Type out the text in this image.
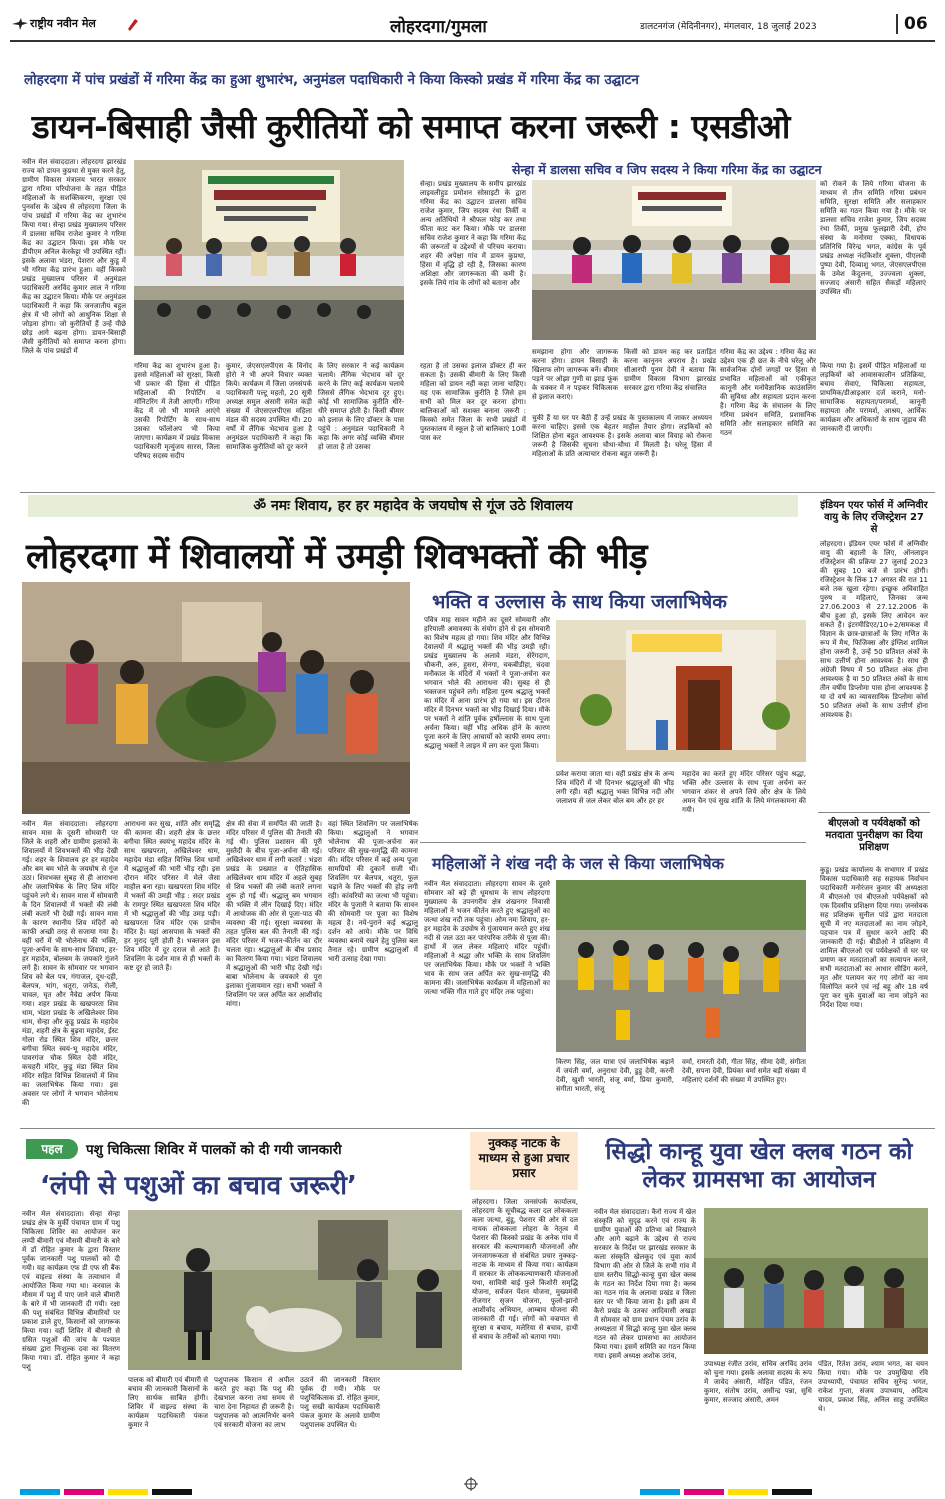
राष्ट्रीय नवीन मेल	लोहरदगा/गुमला	डालटनगंज (मेदिनीनगर), मंगलवार, 18 जुलाई 2023	06
लोहरदगा में पांच प्रखंडों में गरिमा केंद्र का हुआ शुभारंभ, अनुमंडल पदाधिकारी ने किया किस्को प्रखंड में गरिमा केंद्र का उद्घाटन
डायन-बिसाही जैसी कुरीतियों को समाप्त करना जरूरी : एसडीओ
नवीन मेल संवाददाता। लोहरदगा झारखंड राज्य को डायन कुप्रथा से मुक्त करने हेतु, ग्रामीण विकास मंत्रालय भारत सरकार द्वारा गरिमा परियोजना के तहत पीड़ित महिलाओं के सशक्तिकरण, सुरक्षा एवं पुनर्वास के उद्देश्य से लोहरदगा जिला के पांच प्रखंडों में गरिमा केंद्र का शुभारंभ किया गया। सेन्हा प्रखंड मुख्यालय परिसर में डालसा सचिव राजेश कुमार ने गरिमा केंद्र का उद्घाटन किया। इस मौके पर डीपीएम अनिल केरकेट्टा भी उपस्थित रहीं। इसके अलावा भंडरा, पेशरार और कुडू में भी गरिमा केंद्र प्रारंभ हुआ। वहीं किस्को प्रखंड मुख्यालय परिसर में अनुमंडल पदाधिकारी अरविंद कुमार लाल ने गरिमा केंद्र का उद्घाटन किया। मौके पर अनुमंडल पदाधिकारी ने कहा कि जनजातीय बहुल क्षेत्र में भी लोगों को आधुनिक शिक्षा से जोड़ना होगा। जो कुरीतियों हैं उन्हें पीछे छोड़ आगे बढ़ना होगा। डायन-बिसाही जैसी कुरीतियों को समाप्त करना होगा। जिले के पांच प्रखंडों में
सेन्हा में डालसा सचिव व जिप सदस्य ने किया गरिमा केंद्र का उद्घाटन
सेन्हा। प्रखंड मुख्यालय के समीप झारखंड लाइवलीहुड प्रमोशन सोसाइटी के द्वारा गरिमा केंद्र का उद्घाटन डालसा सचिव राजेश कुमार, जिप सदस्य रंथा तिर्की व अन्य अतिथियों ने श्रीफल फोड़ कर तथा फीता काट कर किया। मौके पर डालसा सचिव राजेश कुमार ने कहा कि गरिमा केंद्र की जरूरतों व उद्देश्यों से परिचय कराया। शहर की अपेक्षा गांव में डायन कुप्रथा, हिंसा में वृद्धि हो रही है, जिसका कारण अशिक्षा और जागरूकता की कमी है। इसके लिये गांव के लोगों को बताना और
को रोकने के लिये गरिमा योजना के माध्यम से तीन समिति गरिमा प्रबंधन समिति, सुरक्षा समिति और सलाहकार समिति का गठन किया गया है। मौके पर डालसा सचिव राजेश कुमार, जिप सदस्य रंथा तिर्की, प्रमुख फूलझारी देवी, होप संस्था के मनोरमा एक्का, विधायक प्रतिनिधि विरेन्द्र भगत, कांग्रेस के पूर्व प्रखंड अध्यक्ष नंदकिशोर शुक्ला, पीएलवी पुष्पा देवी, दिव्याशु भगत, जेएसएलपीएस के उमेश केंदुलना, उज्ज्वला शुक्ला, सज्जाद अंसारी सहित सैकड़ों महिलाएं उपस्थित थीं।
गरिमा केंद्र का शुभारंभ हुआ है। इससे महिलाओं को सुरक्षा, किसी भी प्रकार की हिंसा से पीड़ित महिलाओं की रिपोर्टिंग व मॉनिटरिंग में तेजी आएगी। गरिमा केंद्र में जो भी मामले आएंगे उसकी रिपोर्टिंग के साथ-साथ उसका फॉलोअप भी किया जाएगा। कार्यक्रम में प्रखंड विकास पदाधिकारी मृत्युंजय सारस, जिला परिषद सदस्य सदीप
कुमार, जेएसएलपीएस के विनोद होरो ने भी अपने विचार व्यक्त किये। कार्यक्रम में जिला जनसंपर्क पदाधिकारी पल्टू महतो, 20 सूत्री अध्यक्ष समुल अंसारी समेत कड़ी संख्या में जेएसएलपीएस महिला मंडल की सदस्य उपस्थित थी। 20 वर्षों में लैंगिक भेदभाव हुआ है अनुमंडल पदाधिकारी ने कहा कि सामाजिक कुरीतियों को दूर करने
के लिए सरकार ने कई कार्यक्रम चलाये। लैंगिक भेदभाव को दूर करने के लिए कई कार्यक्रम चलाये जिससे लैंगिक भेदभाव दूर हुए। कोई भी सामाजिक कुरीति धीरे-धीरे समाप्त होती है। किसी बीमार को इलाज के लिए डॉक्टर के पास पहुंचें : अनुमंडल पदाधिकारी ने कहा कि अगर कोई व्यक्ति बीमार हो जाता है तो उसका
रहता है तो उसका इलाज डॉक्टर ही कर सकता है। उसकी बीमारी के लिए किसी महिला को डायन नहीं कहा जाना चाहिए। यह एक सामाजिक कुरीति है जिसे हम सभी को मिल कर दूर करना होगा। बालिकाओं को सशक्त बनाना जरूरी : किस्को समेत जिला के सभी प्रखंडों में पुस्तकालय में स्कूल है जो बालिकाएं 10वीं पास कर
समझाना होगा और जागरूक करना होगा। डायन बिसाही के खिलाफ लोग जागरूक बनें। बीमार पड़ने पर ओझा गुणी या झाड़ फूंक के चक्कर में न पड़कर चिकित्सक से इलाज कराएं।
किसी को डायन कह कर प्रताड़ित करना कानूनन अपराध है। प्रखंड सीआरपी पूनम देवी ने बताया कि ग्रामीण विकास विभाग झारखंड सरकार द्वारा गरिमा केंद्र संचालित
गरिमा केंद्र का उद्देश्य : गरिमा केंद्र का उद्देश्य एक ही छत के नीचे घरेलू और सार्वजनिक दोनों जगहों पर हिंसा से प्रभावित महिलाओं को एकीकृत कानूनी और मनोवैज्ञानिक काउंसलिंग की सुविधा और सहायता प्रदान करना है। गरिमा केंद्र के संचालन के लिए गरिमा प्रबंधन समिति, प्रशासनिक समिति और सलाहकार समिति का गठन
किया गया है। इसमें पीड़ित महिलाओं या लड़कियों को आवासकालीन प्रतिक्रिया, बचाव सेवाएं, चिकित्सा सहायता, प्राथमिक/डीआइआर दर्ज कराने, मनो-सामाजिक सहायता/परामर्श, कानूनी सहायता और परामर्श, आश्रय, आर्थिक कार्यक्रम और अधिकारों के साथ जुड़ाव की जानकारी दी जाएगी।
चुकी हैं या घर पर बैठी हैं उन्हें प्रखंड के पुस्तकालय में जाकर अध्ययन करना चाहिए। इससे एक बेहतर माहौल तैयार होगा। लड़कियों को शिक्षित होना बहुत आवश्यक है। इसके अलावा बाल विवाह को रोकना जरूरी है जिसकी सूचना चौथा-चौथा में मिलती है। घरेलू हिंसा में महिलाओं के प्रति अत्याचार रोकना बहुत जरूरी है।
ॐ नमः शिवाय, हर हर महादेव के जयघोष से गूंज उठे शिवालय
लोहरदगा में शिवालयों में उमड़ी शिवभक्तों की भीड़
नवीन मेल संवाददाता। लोहरदगा सावन मास के दूसरी सोमवारी पर जिले के शहरी और ग्रामीण इलाकों के शिवालयों में शिवभक्तों की भीड़ देखी गई। शहर के शिवालय हर हर महादेव और बम बम भोले के जयघोष से गूंज उठा। शिवभक्त सुबह से ही आराधना और जलाभिषेक के लिए शिव मंदिर पहुंचने लगे थे। सावन मास में सोमवारी के दिन शिवालयों में भक्तों की लंबी लंबी कतारें भी देखी गईं। सावन मास के कारण स्थानीय शिव मंदिरों को काफी अच्छी तरह से सजाया गया है। वहीं घरों में भी भोलेनाथ की भक्ति, पूजा-अर्चना के साथ-साथ शिवाय, हर-हर महादेव, बोलबम के जयकारे गूंजने लगे हैं। सावन के सोमवार पर भगवान शिव को बेल पत्र, गंगाजल, दूध-दही, बेलपत्र, भांग, धतूरा, जनेऊ, रोली, चावल, घृत और नैवेद्य अर्पण किया गया। शहर प्रखंड के खखपरता शिव धाम, भंडरा प्रखंड के अखिलेश्वर शिव धाम, सेन्हा और कुडू प्रखंड के महादेव मंडा, शहरी क्षेत्र के बुढ़वा महादेव, ईस्ट गोला रोड स्थित शिव मंदिर, छत्तर बगीचा स्थित स्वयं-भू महादेव मंदिर, पावरगंज चौक स्थित देवी मंदिर, कचहरी मंदिर, कुडू मंडा स्थित शिव मंदिर सहित विभिन्न शिवालयों में शिव का जलाभिषेक किया गया। इस अवसर पर लोगों ने भगवान भोलेनाथ की
आराधना कर सुख, शांति और समृद्धि की कामना की। शहरी क्षेत्र के छत्तर बगीचा स्थित स्वयंभू महादेव मंदिर के साथ खखपरता, अखिलेश्वर धाम, महादेव मंडा सहित विभिन्न शिव धामों में श्रद्धालुओं की भारी भीड़ रही। इस दौरान मंदिर परिसर में मेले जैसा माहौल बना रहा। खखपरता शिव मंदिर में भक्तों की उमड़ी भीड़ : सदर प्रखंड के रामपुर स्थित खखपरता शिव मंदिर में भी श्रद्धालुओं की भीड़ उमड़ पड़ी। खखपरता शिव मंदिर एक प्राचीन मंदिर है। यहां आसपास के भक्तों की हर मुराद पूरी होती है। भक्तजन इस शिव मंदिर में दूर दराज से आते हैं। शिवलिंग के दर्शन मात्र से ही भक्तों के कष्ट दूर हो जाते हैं।
क्षेत्र की सेवा में समर्पित की जाती है। मंदिर परिसर में पुलिस की तैनाती की गई थी। पुलिस प्रशासन की पूरी मुस्तैदी के बीच पूजा-अर्चना की गई। अखिलेश्वर धाम में लगी कतारें : भंडरा प्रखंड के प्रख्यात व ऐतिहासिक अखिलेश्वर धाम मंदिर में अहले सुबह से शिव भक्तों की लंबी कतारें लगना शुरू हो गई थीं। श्रद्धालु बम भगवान की भक्ति में लीन दिखाई दिए। मंदिर में आयोजक की ओर से पूजा-पाठ की व्यवस्था की गई। सुरक्षा व्यवस्था के तहत पुलिस बल की तैनाती की गई। मंदिर परिसर में भजन-कीर्तन का दौर चलता रहा। श्रद्धालुओं के बीच प्रसाद का वितरण किया गया। भंडरा शिवालय में श्रद्धालुओं की भारी भीड़ देखी गई। बाबा भोलेनाथ के जयकारे से पूरा इलाका गुंजायमान रहा। सभी भक्तों ने शिवलिंग पर जल अर्पित कर आशीर्वाद मांगा।
वहां स्थित शिवलिंग पर जलाभिषेक किया। श्रद्धालुओं ने भगवान भोलेनाथ की पूजा-अर्चना कर परिवार की सुख-समृद्धि की कामना की। मंदिर परिसर में कई अन्य पूजा सामग्रियों की दुकानें सजी थीं। शिवलिंग पर बेलपत्र, धतूरा, फूल चढ़ाने के लिए भक्तों की होड़ लगी रही। कांवरियों का जत्था भी पहुंचा। मंदिर के पुजारी ने बताया कि सावन की सोमवारी पर पूजा का विशेष महत्व है। नये-पुराने कई श्रद्धालु दर्शन को आये। मौके पर विधि व्यवस्था बनाये रखने हेतु पुलिस बल तैनात रहे। ग्रामीण श्रद्धालुओं में भारी उत्साह देखा गया।
भक्ति व उल्लास के साथ किया जलाभिषेक
पवित्र माह सावन महीने का दूसरे सोमवारी और हरियाली अमावस्या के संयोग होने से इस सोमवारी का विशेष महत्व हो गया। शिव मंदिर और विभिन्न देवालयों में श्रद्धालु भक्तों की भीड़ उमड़ी रही। प्रखंड मुख्यालय के अलावे मंडरा, सेरेंगदाग, चौकनी, अरु, हुसरा, सेनगा, चकबीडीहा, चंदवा मनौकाल के मंदिरों में भक्तों ने पूजा-अर्चना कर भगवान भोले की आराधना की। सुबह से ही भक्तजन पहुंचने लगे। महिला पुरुष श्रद्धालु भक्तों का मंदिर में आना प्रारंभ हो गया था। इस दौरान मंदिर में दिनभर भक्तों का भीड़ दिखाई दिया। मौके पर भक्तों ने शांति पूर्वक हर्षोल्लास के साथ पूजा अर्चना किया। वहीं भीड़ अधिक होने के कारण पूजा करने के लिए आचार्यों को काफी समय लगा। श्रद्धालु भक्तों ने लाइन में लग कर पूजा किया।
प्रवेश कराया जाता था। वहीं प्रखंड क्षेत्र के अन्य शिव मंदिरों में भी दिनभर श्रद्धालुओं की भीड़ लगी रही। वहीं श्रद्धालु भक्त विभिन्न नदी और जलाशय से जल लेकर बोल बम और हर हर
महादेव का करते हुए मंदिर परिसर पहुंच श्रद्धा, भक्ति और उल्लास के साथ पूजा अर्चना कर भगवान शंकर से अपने लिये और क्षेत्र के लिये अमन चैन एवं सुख शांति के लिये मंगलकामना की गयी।
महिलाओं ने शंख नदी के जल से किया जलाभिषेक
नवीन मेल संवाददाता। लोहरदगा सावन के दूसरे सोमवार को बड़े ही धूमधाम के साथ लोहरदगा मुख्यालय के उपनगरीय क्षेत्र शंखनगर निवासी महिलाओं ने भजन कीर्तन करते हुए श्रद्धालुओं का जत्था शंख नदी तक पहुंचा। ओम नमः शिवाय, हर-हर महादेव के उदघोष से गुंजायमान करते हुए शंख नदी से जल उठा कर पारंपरिक तरीके से पूजा की। हाथों में जल लेकर महिलाएं मंदिर पहुंचीं। महिलाओं ने श्रद्धा और भक्ति के साथ शिवलिंग पर जलाभिषेक किया। मौके पर भक्तों ने भक्ति भाव के साथ जल अर्पित कर सुख-समृद्धि की कामना की। जलाभिषेक कार्यक्रम में महिलाओं का जत्था भक्ति गीत गाते हुए मंदिर तक पहुंचा।
किरण सिंह, जल यात्रा एवं जलाभिषेक बढ़ाने में जयंती वर्मा, अनुराधा देवी, डुडु देवी, करनी देवी, खुशी भारती, संजू वर्मा, प्रिया कुमारी, संगीता भारती, संजू
वर्मा, रामरती देवी, गीता सिंह, सीमा देवी, संगीता देवी, सपना देवी, प्रियंका वर्मा समेत बड़ी संख्या में महिलाएं दर्शनों की संख्या में उपस्थित हुए।
इंडियन एयर फोर्स में अग्निवीर वायु के लिए रजिस्ट्रेशन 27 से
लोहरदगा। इंडियन एयर फोर्स में अग्निवीर वायु की बहाली के लिए, ऑनलाइन रजिस्ट्रेशन की प्रक्रिया 27 जुलाई 2023 की सुबह 10 बजे से प्रारंभ होगी। रजिस्ट्रेशन के लिंक 17 अगस्त की रात 11 बजे तक खुला रहेगा। इच्छुक अविवाहित पुरुष व महिलाएं, जिनका जन्म 27.06.2003 से 27.12.2006 के बीच हुआ हो, इसके लिए आवेदन कर सकते हैं। इंटरमीडिएट/10+2/समकक्ष में विज्ञान के छात्र-छात्राओं के लिए गणित के रूप में मैथ, फिजिक्स और इंग्लिश शामिल होना जरूरी है, उन्हें 50 प्रतिशत अंकों के साथ उत्तीर्ण होना आवश्यक है। साथ ही अंग्रेजी विषय में 50 प्रतिशत अंक होना आवश्यक है या 50 प्रतिशत अंकों के साथ तीन वर्षीय डिप्लोमा पास होना आवश्यक है या दो वर्ष का व्यावसायिक डिप्लोमा कोर्स 50 प्रतिशत अंकों के साथ उत्तीर्ण होना आवश्यक है।
बीएलओ व पर्यवेक्षकों को मतदाता पुनरीक्षण का दिया प्रशिक्षण
कुडू। प्रखंड कार्यालय के सभागार में प्रखंड विकास पदाधिकारी सह सहायक निर्वाचन पदाधिकारी मनोरंजन कुमार की अध्यक्षता में बीएलओ एवं बीएलओ पर्यवेक्षकों को एक दिवसीय प्रशिक्षण दिया गया। जनसेवक सह प्रशिक्षक सुनील पांडे द्वारा मतदाता सूची में नए मतदाताओं का नाम जोड़ने, पहचान पत्र में सुधार करने आदि की जानकारी दी गई। बीडीओ ने प्रशिक्षण में शामिल बीएलओ एवं पर्यवेक्षकों से घर घर प्रमाण कर मतदाताओं का सत्यापन करने, सभी मतदाताओं का आधार सीडिंग करने, मृत और पलायन कर गए लोगों का नाम विलोपित करने एवं नई बहू और 18 वर्ष पूरा कर चुके युवाओं का नाम जोड़ने का निर्देश दिया गया।
पहल	पशु चिकित्सा शिविर में पालकों को दी गयी जानकारी
‘लंपी से पशुओं का बचाव जरूरी’
नवीन मेल संवाददाता। सेन्हा सेन्हा प्रखंड क्षेत्र के मुर्की पंचायत ग्राम में पशु चिकित्सा शिविर का आयोजन कर लम्पी बीमारी एवं मौसमी बीमारी के बारे में डॉ रोहित कुमार के द्वारा विस्तार पूर्वक जानकारी पशु पालकों को दी गयी। यह कार्यक्रम एफ डी एफ सी बैंक एवं वाइल्ड संस्था के तत्वाधान में आयोजित किया गया था। करवाल के मौसम में पशु में पाए जाने वाले बीमारी के बारे में भी जानकारी दी गयी। रक्षा की पशु संबंधित विभिन्न बीमारियों पर प्रकाश डाले हुए, किसानों को जागरूक किया गया। वहीं शिविर में बीमारी से ग्रसित पशुओं की जांच के पश्चात संख्या द्वारा निःशुल्क दवा का वितरण किया गया। डॉ. रोहित कुमार ने कहा पशु
पालक को बीमारी एवं बीमारी से बचाव की जानकारी किसानों के लिए सार्थक साबित होगी। शिविर में वाइल्ड संस्था के कार्यक्रम पदाधिकारी पंकज कुमार ने
पशुपालक किसान से अपील करते हुए कहा कि पशु की देखभाल करना तथा समय से चारा देना निहायत ही जरूरी है। पशुपालक को आत्मनिर्भर बनने एवं सरकारी योजना का लाभ
उठाने की जानकारी विस्तार पूर्वक दी गयी। मौके पर पशुचिकित्सक डॉ. रोहित कुमार, पशु सखी कार्यक्रम पदाधिकारी पंकज कुमार के अलावे ग्रामीण पशुपालक उपस्थित थे।
नुक्कड़ नाटक के माध्यम से हुआ प्रचार प्रसार
लोहरदगा। जिला जनसंपर्क कार्यालय, लोहरदगा के सूचीबद्ध कला दल लोककला कला जत्था, बुंडू, पेशरार की ओर से दल नायक लोककला लोहरा के नेतृत्व में पेशरार की किस्को प्रखंड के अनेक गांव में सरकार की कल्याणकारी योजनाओं और जनजागरूकता से संबंधित प्रचार नुक्कड़-नाटक के माध्यम से किया गया। कार्यक्रम में सरकार के लोककल्याणकारी योजनाओं यथा, सावित्री बाई फुले किशोरी समृद्धि योजना, सर्वजन पेंशन योजना, मुख्यमंत्री रोजगार सृजन योजना, फूलो-झानो आशीर्वाद अभियान, आम्बाव योजना की जानकारी दी गई। लोगों को वज्रपात से सुरक्षा व बचाव, मलेरिया से बचाव, हाथी से बचाव के तरीकों को बताया गया।
सिद्धो कान्हू युवा खेल क्लब गठन को लेकर ग्रामसभा का आयोजन
नवीन मेल संवाददाता। कैरो राज्य में खेल संस्कृति को सुदृढ़ करने एवं राज्य के ग्रामीण युवाओं की प्रतिभा को निखारने और आगे बढ़ाने के उद्देश्य से राज्य सरकार के निर्देश पर झारखंड सरकार के कला संस्कृति खेलकूद एवं युवा कार्य विभाग की ओर से जिले के सभी गांव में ग्राम स्तरीय सिद्धो-कान्हू युवा खेल क्लब के गठन का निर्देश दिया गया है। क्लब का गठन गांव के अलावा प्रखंड व जिला स्तर पर भी किया जाना है। इसी क्रम में कैरो प्रखंड के उतका आदिवासी अखड़ा में सोमवार को ग्राम प्रधान पंचम उरांव के अध्यक्षता में सिद्धो कान्हू युवा खेल क्लब गठन को लेकर ग्रामसभा का आयोजन किया गया। इसमें समिति का गठन किया गया। इसमें अध्यक्ष अशोक उरांव,
उपाध्यक्ष रंजीत उरांव, सचिव अरविंद उरांव को चुना गया। इसके अलावा सदस्य के रूप में जावेद अंसारी, मोहित पंडित, रंजन कुमार, संतोष उरांव, असीन्द्र पन्ना, सुधि कुमार, सज्जाद अंसारी, अमन
पंडित, रितेश उरांव, श्याम भगत, का चयन किया गया। मौके पर उपमुखिया रवि उपाध्यायी, पंचायत सचिव सुरेन्द्र भगत, राकेश गुप्ता, संजय उपाध्याय, अदित्य चादव, प्रकाश सिंह, अनिल साहू उपस्थित थे।
